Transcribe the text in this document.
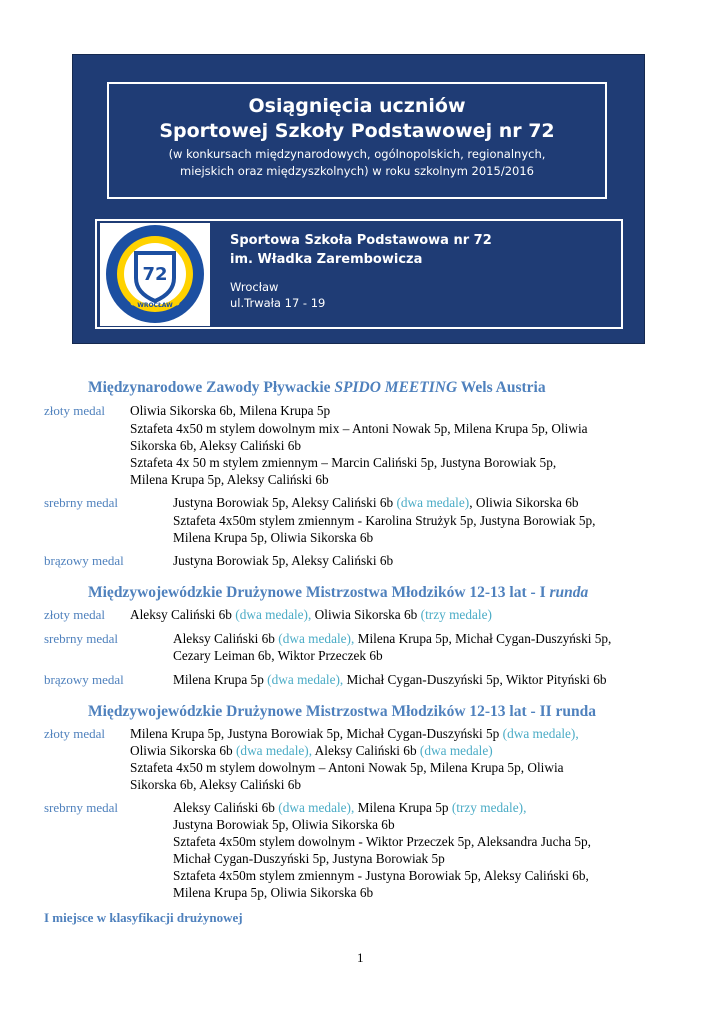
Osiągnięcia uczniów
Sportowej Szkoły Podstawowej nr 72
(w konkursach międzynarodowych, ogólnopolskich, regionalnych,
miejskich oraz międzyszkolnych) w roku szkolnym 2015/2016
72
WROCŁAW
Sportowa Szkoła Podstawowa nr 72
im. Władka Zarembowicza
Wrocław
ul.Trwała 17 - 19
Międzynarodowe Zawody Pływackie SPIDO MEETING Wels Austria
złoty medal Oliwia Sikorska 6b, Milena Krupa 5p
Sztafeta 4x50 m stylem dowolnym mix – Antoni Nowak 5p, Milena Krupa 5p, Oliwia
Sikorska 6b, Aleksy Caliński 6b
Sztafeta 4x 50 m stylem zmiennym – Marcin Caliński 5p, Justyna Borowiak 5p,
Milena Krupa 5p, Aleksy Caliński 6b
srebrny medal	Justyna Borowiak 5p, Aleksy Caliński 6b (dwa medale), Oliwia Sikorska 6b
Sztafeta 4x50m stylem zmiennym - Karolina Strużyk 5p, Justyna Borowiak 5p,
Milena Krupa 5p, Oliwia Sikorska 6b
brązowy medal	Justyna Borowiak 5p, Aleksy Caliński 6b
Międzywojewódzkie Drużynowe Mistrzostwa Młodzików 12-13 lat - I runda
złoty medal Aleksy Caliński 6b (dwa medale), Oliwia Sikorska 6b (trzy medale)
srebrny medal	Aleksy Caliński 6b (dwa medale), Milena Krupa 5p, Michał Cygan-Duszyński 5p,
Cezary Leiman 6b, Wiktor Przeczek 6b
brązowy medal	Milena Krupa 5p (dwa medale), Michał Cygan-Duszyński 5p, Wiktor Pityński 6b
Międzywojewódzkie Drużynowe Mistrzostwa Młodzików 12-13 lat - II runda
złoty medal Milena Krupa 5p, Justyna Borowiak 5p, Michał Cygan-Duszyński 5p (dwa medale),
Oliwia Sikorska 6b (dwa medale), Aleksy Caliński 6b (dwa medale)
Sztafeta 4x50 m stylem dowolnym – Antoni Nowak 5p, Milena Krupa 5p, Oliwia
Sikorska 6b, Aleksy Caliński 6b
srebrny medal	Aleksy Caliński 6b (dwa medale), Milena Krupa 5p (trzy medale),
Justyna Borowiak 5p, Oliwia Sikorska 6b
Sztafeta 4x50m stylem dowolnym - Wiktor Przeczek 5p, Aleksandra Jucha 5p,
Michał Cygan-Duszyński 5p, Justyna Borowiak 5p
Sztafeta 4x50m stylem zmiennym - Justyna Borowiak 5p, Aleksy Caliński 6b,
Milena Krupa 5p, Oliwia Sikorska 6b
I miejsce w klasyfikacji drużynowej
1
